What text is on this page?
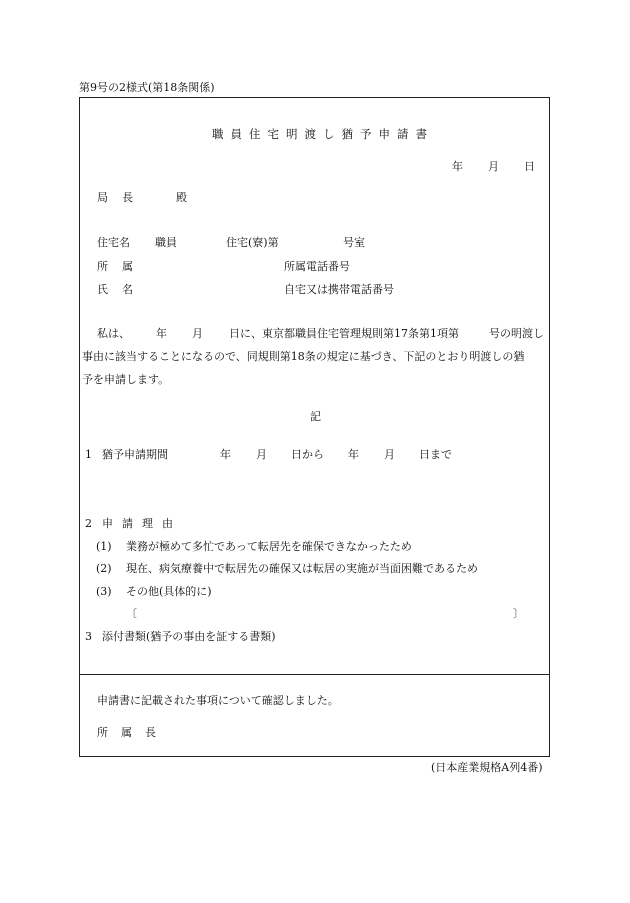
第9号の2様式(第18条関係)
職員住宅明渡し猶予申請書
年 月 日
局長	殿
住宅名 職員	住宅(寮)第	号室
所属	所属電話番号
氏名	自宅又は携帯電話番号
私は、 年 月 日に、東京都職員住宅管理規則第17条第1項第	号の明渡し
事由に該当することになるので、同規則第18条の規定に基づき、下記のとおり明渡しの猶
予を申請します。
記
1 猶予申請期間	年 月 日から 年 月 日まで
2 申請理由
(1) 業務が極めて多忙であって転居先を確保できなかったため
(2) 現在、病気療養中で転居先の確保又は転居の実施が当面困難であるため
(3) その他(具体的に)
〔	〕
3 添付書類(猶予の事由を証する書類)
申請書に記載された事項について確認しました。
所属長
(日本産業規格A列4番)
